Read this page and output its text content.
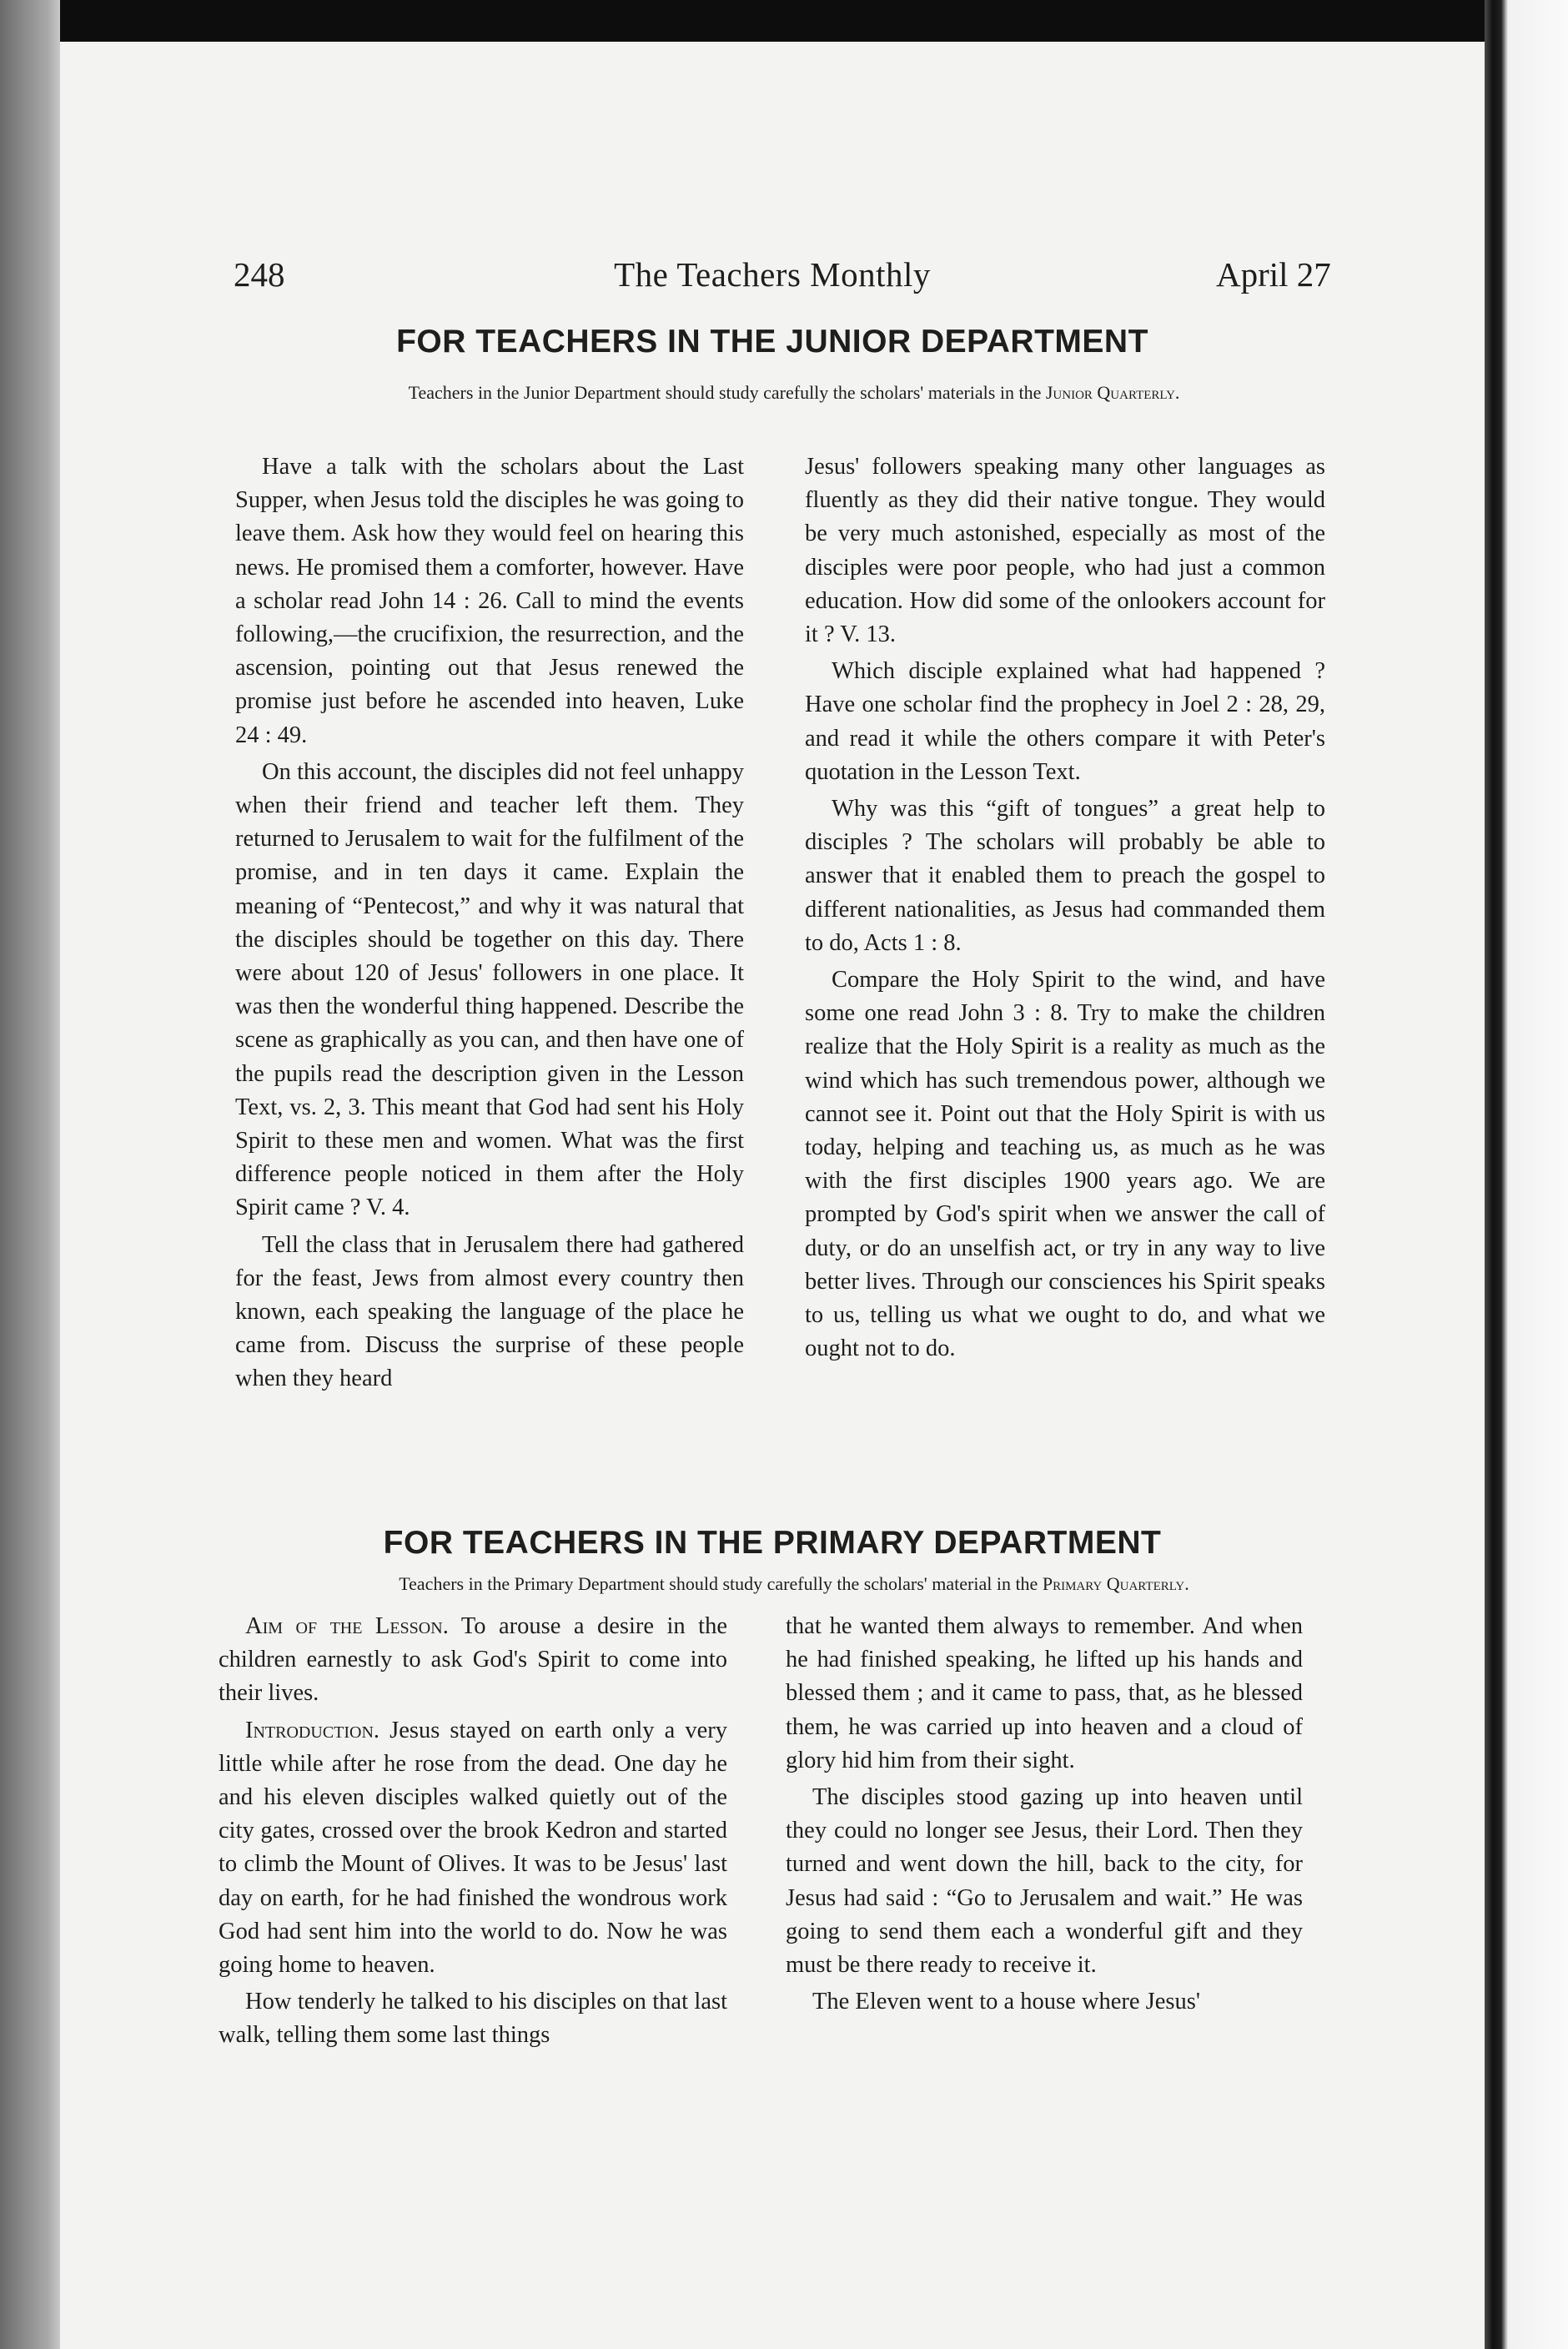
248	The Teachers Monthly	April 27
FOR TEACHERS IN THE JUNIOR DEPARTMENT
Teachers in the Junior Department should study carefully the scholars' materials in the Junior Quarterly.

Have a talk with the scholars about the Last Supper, when Jesus told the disciples he was going to leave them. Ask how they would feel on hearing this news. He promised them a comforter, however. Have a scholar read John 14 : 26. Call to mind the events following,—the crucifixion, the resurrection, and the ascension, pointing out that Jesus renewed the promise just before he ascended into heaven, Luke 24 : 49.

On this account, the disciples did not feel unhappy when their friend and teacher left them. They returned to Jerusalem to wait for the fulfilment of the promise, and in ten days it came. Explain the meaning of “Pentecost,” and why it was natural that the disciples should be together on this day. There were about 120 of Jesus' followers in one place. It was then the wonderful thing happened. Describe the scene as graphically as you can, and then have one of the pupils read the description given in the Lesson Text, vs. 2, 3. This meant that God had sent his Holy Spirit to these men and women. What was the first difference people noticed in them after the Holy Spirit came ? V. 4.

Tell the class that in Jerusalem there had gathered for the feast, Jews from almost every country then known, each speaking the language of the place he came from. Discuss the surprise of these people when they heard

Jesus' followers speaking many other languages as fluently as they did their native tongue. They would be very much astonished, especially as most of the disciples were poor people, who had just a common education. How did some of the onlookers account for it ? V. 13.

Which disciple explained what had happened ? Have one scholar find the prophecy in Joel 2 : 28, 29, and read it while the others compare it with Peter's quotation in the Lesson Text.

Why was this “gift of tongues” a great help to disciples ? The scholars will probably be able to answer that it enabled them to preach the gospel to different nationalities, as Jesus had commanded them to do, Acts 1 : 8.

Compare the Holy Spirit to the wind, and have some one read John 3 : 8. Try to make the children realize that the Holy Spirit is a reality as much as the wind which has such tremendous power, although we cannot see it. Point out that the Holy Spirit is with us today, helping and teaching us, as much as he was with the first disciples 1900 years ago. We are prompted by God's spirit when we answer the call of duty, or do an unselfish act, or try in any way to live better lives. Through our consciences his Spirit speaks to us, telling us what we ought to do, and what we ought not to do.

FOR TEACHERS IN THE PRIMARY DEPARTMENT
Teachers in the Primary Department should study carefully the scholars' material in the Primary Quarterly.

Aim of the Lesson. To arouse a desire in the children earnestly to ask God's Spirit to come into their lives.

Introduction. Jesus stayed on earth only a very little while after he rose from the dead. One day he and his eleven disciples walked quietly out of the city gates, crossed over the brook Kedron and started to climb the Mount of Olives. It was to be Jesus' last day on earth, for he had finished the wondrous work God had sent him into the world to do. Now he was going home to heaven.

How tenderly he talked to his disciples on that last walk, telling them some last things

that he wanted them always to remember. And when he had finished speaking, he lifted up his hands and blessed them ; and it came to pass, that, as he blessed them, he was carried up into heaven and a cloud of glory hid him from their sight.

The disciples stood gazing up into heaven until they could no longer see Jesus, their Lord. Then they turned and went down the hill, back to the city, for Jesus had said : “Go to Jerusalem and wait.” He was going to send them each a wonderful gift and they must be there ready to receive it.

The Eleven went to a house where Jesus'
